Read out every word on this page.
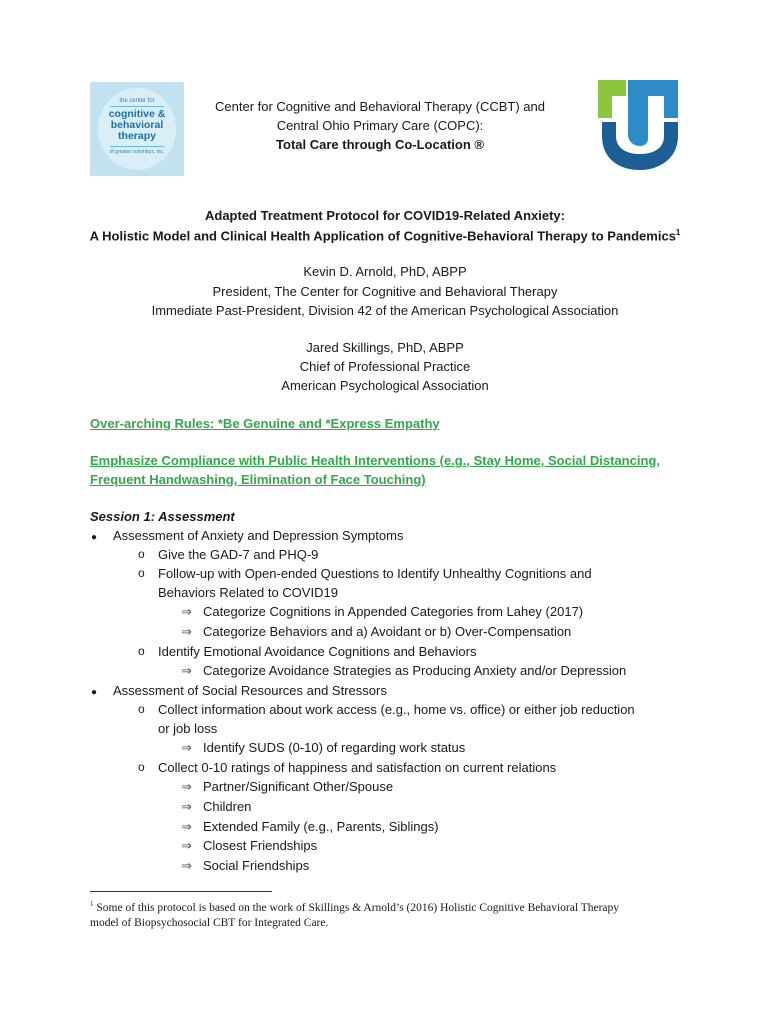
the center for
cognitive &
behavioral
therapy
of greater columbus, inc.
Center for Cognitive and Behavioral Therapy (CCBT) and
Central Ohio Primary Care (COPC):
Total Care through Co-Location ®
Adapted Treatment Protocol for COVID19-Related Anxiety:
A Holistic Model and Clinical Health Application of Cognitive-Behavioral Therapy to Pandemics$^1$
Kevin D. Arnold, PhD, ABPP
President, The Center for Cognitive and Behavioral Therapy
Immediate Past-President, Division 42 of the American Psychological Association
Jared Skillings, PhD, ABPP
Chief of Professional Practice
American Psychological Association
Over-arching Rules: *Be Genuine and *Express Empathy
Emphasize Compliance with Public Health Interventions (e.g., Stay Home, Social Distancing,
Frequent Handwashing, Elimination of Face Touching)
Session 1: Assessment
● Assessment of Anxiety and Depression Symptoms
o Give the GAD-7 and PHQ-9
o Follow-up with Open-ended Questions to Identify Unhealthy Cognitions and
Behaviors Related to COVID19
⇒ Categorize Cognitions in Appended Categories from Lahey (2017)
⇒ Categorize Behaviors and a) Avoidant or b) Over-Compensation
o Identify Emotional Avoidance Cognitions and Behaviors
⇒ Categorize Avoidance Strategies as Producing Anxiety and/or Depression
● Assessment of Social Resources and Stressors
o Collect information about work access (e.g., home vs. office) or either job reduction
or job loss
⇒ Identify SUDS (0-10) of regarding work status
o Collect 0-10 ratings of happiness and satisfaction on current relations
⇒ Partner/Significant Other/Spouse
⇒ Children
⇒ Extended Family (e.g., Parents, Siblings)
⇒ Closest Friendships
⇒ Social Friendships
$^1$ Some of this protocol is based on the work of Skillings & Arnold’s (2016) Holistic Cognitive Behavioral Therapy
model of Biopsychosocial CBT for Integrated Care.
